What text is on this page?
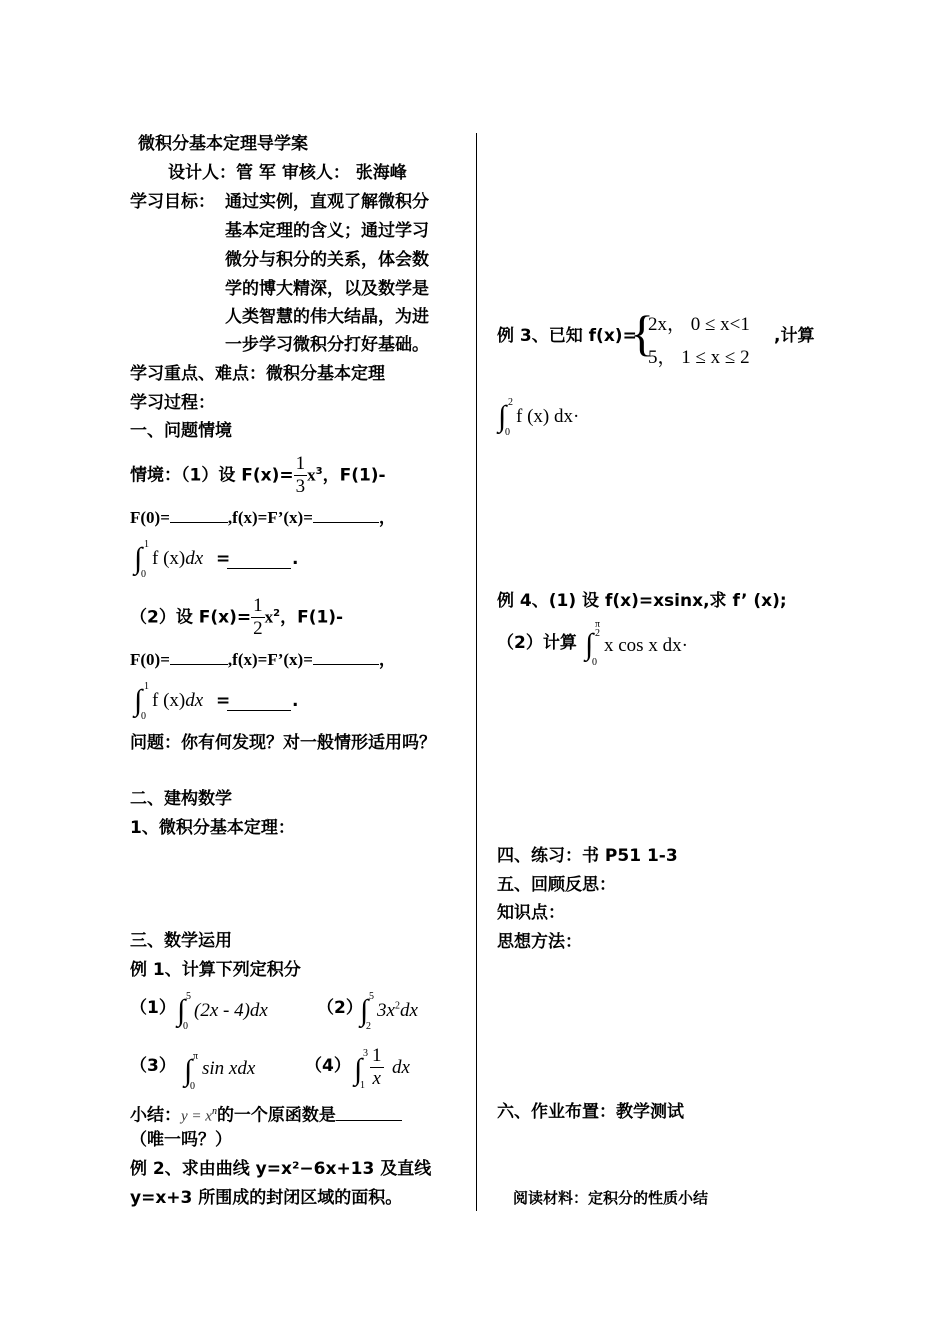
微积分基本定理导学案
设计人：管 军 审核人： 张海峰
学习目标： 通过实例，直观了解微积分
基本定理的含义；通过学习
微分与积分的关系，体会数
学的博大精深，以及数学是
人类智慧的伟大结晶，为进
一步学习微积分打好基础。
学习重点、难点：微积分基本定理
学习过程：
一、问题情境
情境：（1）设 $F(x)= \frac{1}{3} x^3$，F(1)-
F(0)=	,f(x)=F’(x)=	，
∫ 1
0
f (x)dx =	.
（2）设 $F(x)= \frac{1}{2} x^2$，F(1)-
F(0)=	,f(x)=F’(x)=	，
∫ 1
0
f (x)dx =	.
问题：你有何发现？对一般情形适用吗？
二、建构数学
1、微积分基本定理：
三、数学运用
例 1、计算下列定积分
（1） ∫ 5
0
(2x - 4)dx	（2）
∫ 5
2
$3x^2dx$
（3） ∫ π
0
sin xdx	（4） ∫ 3
$1 \frac{1}{x}$ dx
小结：$y = x^n$的一个原函数是
（唯一吗？）
例 2、求由曲线 y=x²−6x+13 及直线
y=x+3 所围成的封闭区域的面积。
例 3、已知 f(x)=
{
2x， 0 ≤ x<1
5， 1 ≤ x ≤ 2
,计算
∫ 2
0
f (x) dx·
例 4、(1) 设 f(x)=xsinx,求 f’ (x);
（2）计算 ∫
π
2
0
x cos x dx·
四、练习：书 P51 1-3
五、回顾反思：
知识点：
思想方法：
六、作业布置：教学测试
阅读材料：定积分的性质小结
